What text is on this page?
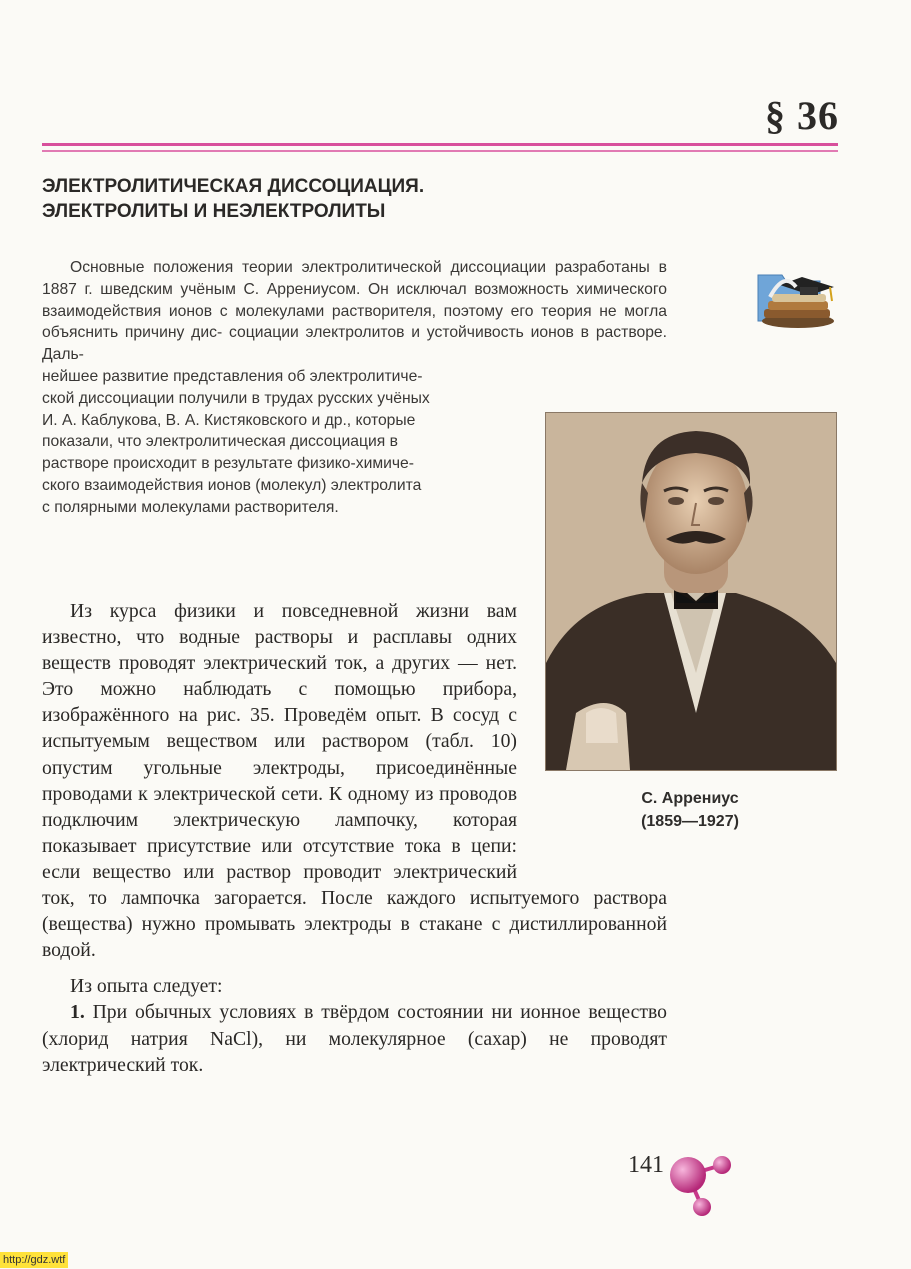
§ 36
ЭЛЕКТРОЛИТИЧЕСКАЯ ДИССОЦИАЦИЯ.
ЭЛЕКТРОЛИТЫ И НЕЭЛЕКТРОЛИТЫ

Основные положения теории электролитической диссоциации разработаны в 1887 г. шведским учёным С. Аррениусом. Он исключал возможность химического взаимодействия ионов с молекулами растворителя, поэтому его теория не могла объяснить причину дис- социации электролитов и устойчивость ионов в растворе. Даль-

нейшее развитие представления об электролитиче-
ской диссоциации получили в трудах русских учёных
И. А. Каблукова, В. А. Кистяковского и др., которые
показали, что электролитическая диссоциация в
растворе происходит в результате физико-химиче-
ского взаимодействия ионов (молекул) электролита
с полярными молекулами растворителя.
С. Аррениус
(1859—1927)

Из курса физики и повседневной жизни вам известно, что водные растворы и расплавы одних веществ проводят электрический ток, а других — нет. Это можно наблюдать с помощью прибора, изображённого на рис. 35. Проведём опыт. В сосуд с испытуемым веществом или раствором (табл. 10) опустим угольные электроды, присоединённые проводами к электрической сети. К одному из проводов подключим электрическую лампочку, которая показывает присутствие или отсутствие тока в цепи: если вещество или раствор проводит электрический ток, то лампочка загорается. После каждого испытуемого раствора (вещества) нужно промывать электроды в стакане с дистиллированной водой.

Из опыта следует:

1. При обычных условиях в твёрдом состоянии ни ионное вещество (хлорид натрия NaCl), ни молекулярное (сахар) не проводят электрический ток.

141
http://gdz.wtf
